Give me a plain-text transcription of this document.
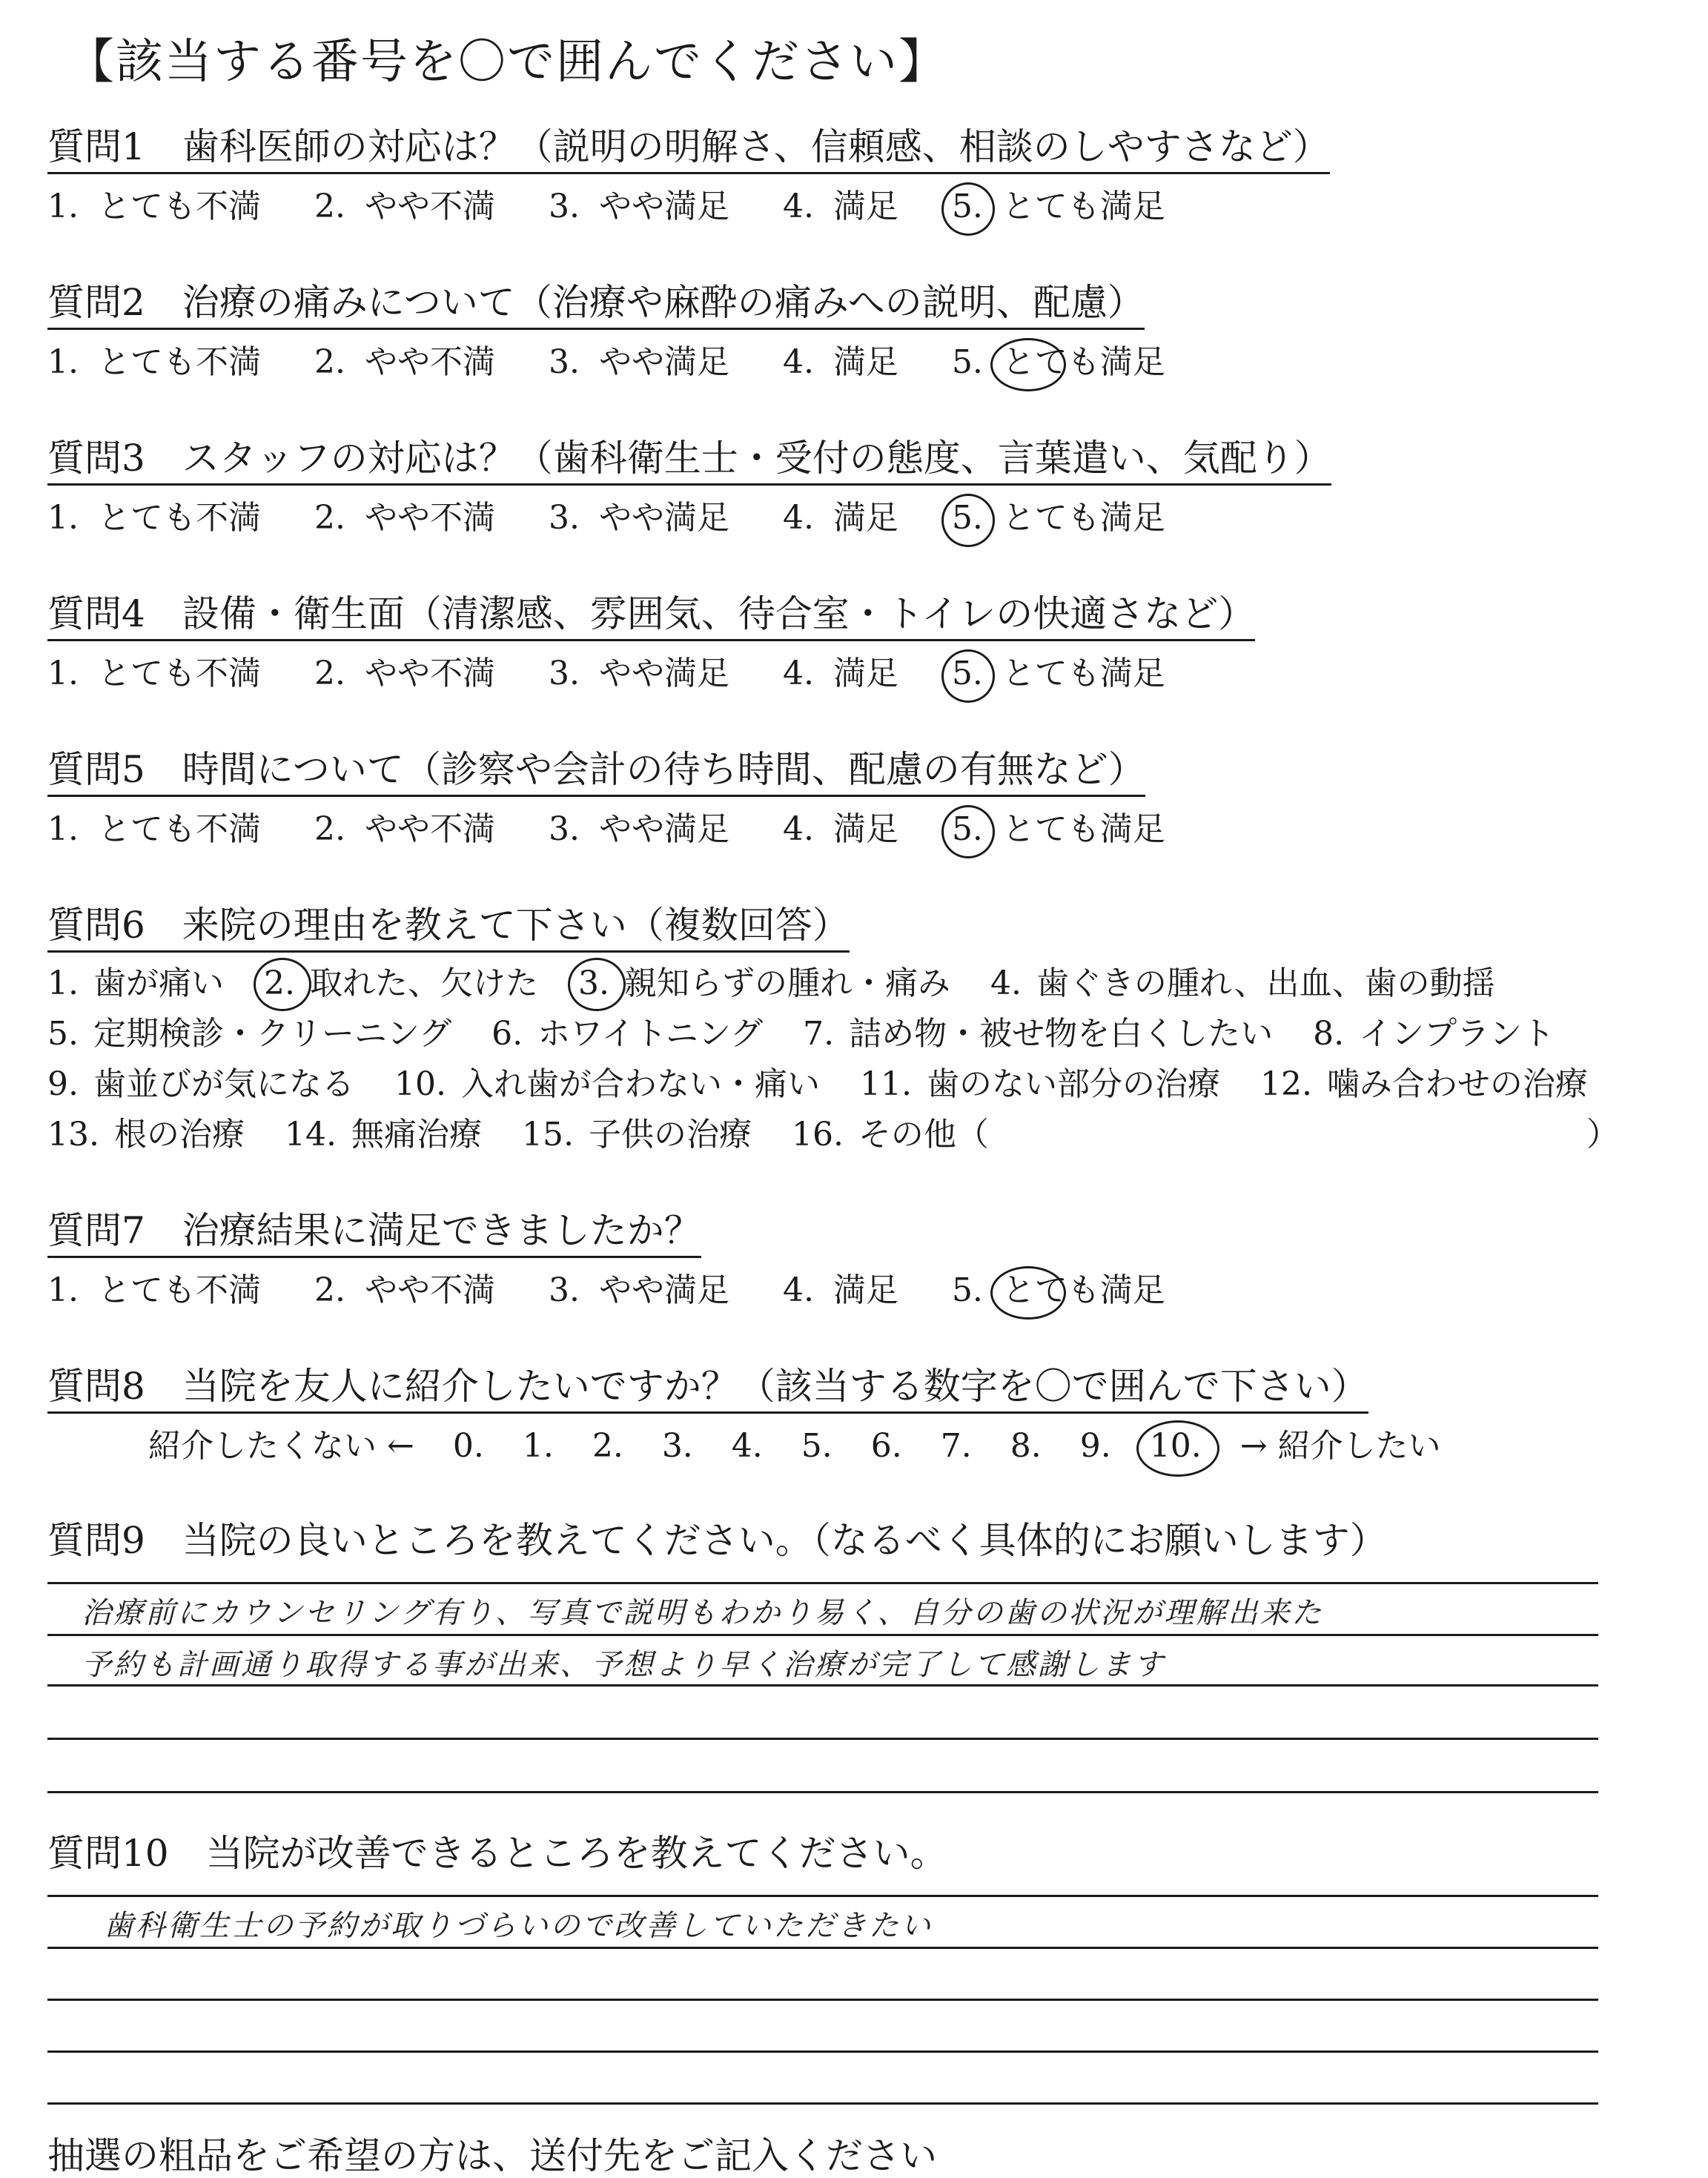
【該当する番号を〇で囲んでください】
質問1　歯科医師の対応は？（説明の明解さ、信頼感、相談のしやすさなど）
1. とても不満 2. やや不満 3. やや満足 4. 満足 5. とても満足
質問2　治療の痛みについて（治療や麻酔の痛みへの説明、配慮）
1. とても不満 2. やや不満 3. やや満足 4. 満足 5. とても満足
質問3　スタッフの対応は？（歯科衛生士・受付の態度、言葉遣い、気配り）
1. とても不満 2. やや不満 3. やや満足 4. 満足 5. とても満足
質問4　設備・衛生面（清潔感、雰囲気、待合室・トイレの快適さなど）
1. とても不満 2. やや不満 3. やや満足 4. 満足 5. とても満足
質問5　時間について（診察や会計の待ち時間、配慮の有無など）
1. とても不満 2. やや不満 3. やや満足 4. 満足 5. とても満足
質問6　来院の理由を教えて下さい（複数回答）
1. 歯が痛い 2. 取れた、欠けた 3. 親知らずの腫れ・痛み 4. 歯ぐきの腫れ、出血、歯の動揺
5. 定期検診・クリーニング 6. ホワイトニング 7. 詰め物・被せ物を白くしたい 8. インプラント
9. 歯並びが気になる 10. 入れ歯が合わない・痛い 11. 歯のない部分の治療 12. 噛み合わせの治療
13. 根の治療 14. 無痛治療 15. 子供の治療 16. その他（	）
質問7　治療結果に満足できましたか？
1. とても不満 2. やや不満 3. やや満足 4. 満足 5. とても満足
質問8　当院を友人に紹介したいですか？（該当する数字を〇で囲んで下さい）
紹介したくない ← 0. 1. 2. 3. 4. 5. 6. 7. 8. 9. 10. → 紹介したい
質問9　当院の良いところを教えてください。（なるべく具体的にお願いします）
治療前にカウンセリング有り、写真で説明もわかり易く、自分の歯の状況が理解出来た
予約も計画通り取得する事が出来、予想より早く治療が完了して感謝します
質問10　当院が改善できるところを教えてください。
歯科衛生士の予約が取りづらいので改善していただきたい
抽選の粗品をご希望の方は、送付先をご記入ください
